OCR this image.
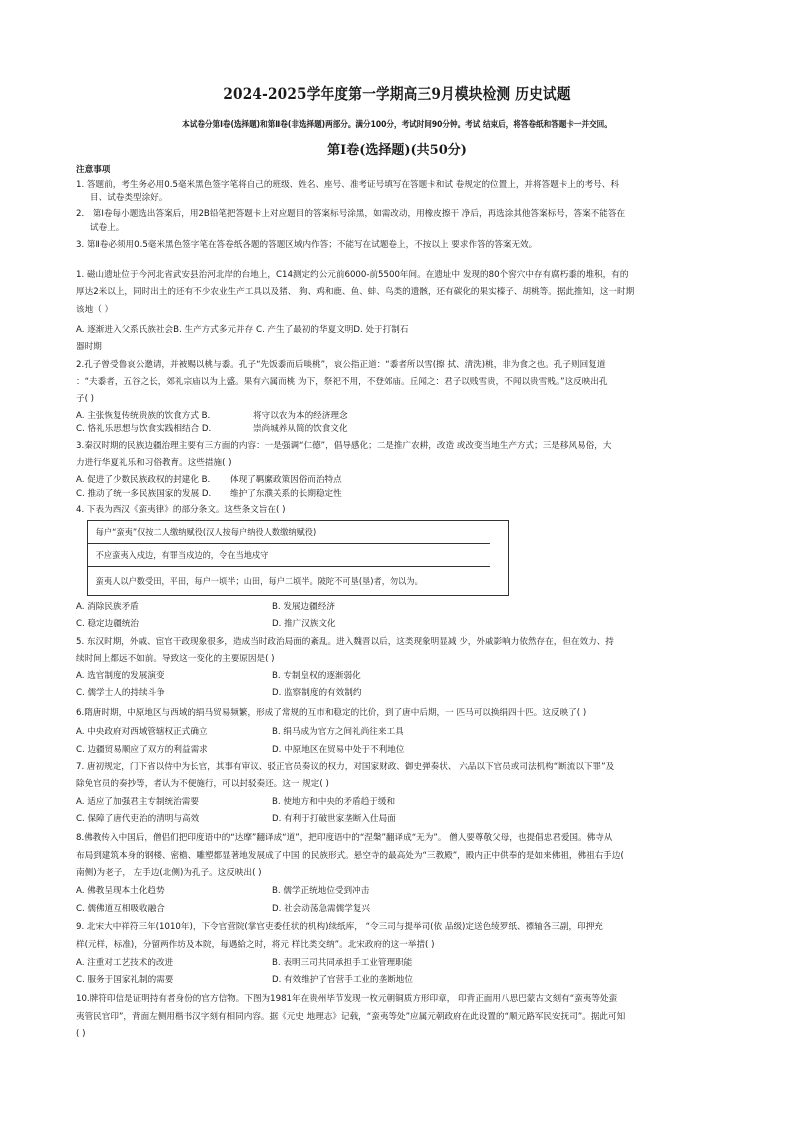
2024-2025学年度第一学期高三9月模块检测 历史试题
本试卷分第Ⅰ卷(选择题)和第Ⅱ卷(非选择题)两部分。满分100分，考试时间90分钟。考试 结束后，将答卷纸和答题卡一并交回。
第Ⅰ卷(选择题)(共50分)
注意事项
1. 答题前，考生务必用0.5毫米黑色签字笔将自己的班级、姓名、座号、准考证号填写在答题卡和试 卷规定的位置上，并将答题卡上的考号、科
目、试卷类型涂好。
2． 第Ⅰ卷每小题选出答案后，用2B铅笔把答题卡上对应题目的答案标号涂黑，如需改动，用橡皮擦干 净后，再选涂其他答案标号，答案不能答在
试卷上。
3. 第Ⅱ卷必须用0.5毫米黑色签字笔在答卷纸各题的答题区域内作答；不能写在试题卷上，不按以上 要求作答的答案无效。
1. 磁山遗址位于今河北省武安县治河北岸的台地上，C14测定约公元前6000-前5500年间。在遗址中 发现的80个窖穴中存有腐朽黍的堆积，有的
厚达2米以上，同时出土的还有不少农业生产工具以及猪、 狗、鸡和鹿、鱼、蚌、鸟类的遗骸，还有碳化的果实榛子、胡桃等。据此推知，这一时期
该地（ ）
A. 逐渐进入父系氏族社会B. 生产方式多元并存 C. 产生了最初的华夏文明D. 处于打制石
器时期
2.孔子曾受鲁哀公邀请，并被赐以桃与黍。孔子“先饭黍而后啖桃”，哀公指正道：“黍者所以雪(擦 拭、清洗)桃，非为食之也。孔子则回复道
：“夫黍者，五谷之长，郊礼宗庙以为上盛。果有六属而桃 为下，祭祀不用，不登郊庙。丘闻之：君子以贱雪贵，不闻以贵雪贱。”这反映出孔
子( )
A. 主张恢复传统贵族的饮食方式 B.	将守以农为本的经济理念
C. 恪礼乐思想与饮食实践相结合 D.	崇尚城养从简的饮食文化
3.秦汉时期的民族边疆治理主要有三方面的内容：一是强调“仁德”，倡导感化；二是推广农耕，改造 或改变当地生产方式；三是移风易俗，大
力进行华夏礼乐和习俗教育。这些措施( )
A. 促进了少数民族政权的封建化 B. 体现了羁縻政策因俗而治特点
C. 推动了统一多民族国家的发展 D. 维护了东濮关系的长期稳定性
4. 下表为西汉《蛮夷律》的部分条文。这些条文旨在( )
每户“蛮夷”仅按二人缴纳赋役(汉人按每户纳役人数缴纳赋役)
不应蛮夷入戍边，有罪当戍边的，令在当地戍守
蛮夷人以户数受田，平田，每户一顷半；山田，每户二顷半。陂陀不可垦(垦)者，勿以为。
A. 消除民族矛盾	B. 发展边疆经济
C. 稳定边疆统治	D. 推广汉族文化
5. 东汉时期，外戚、宦官干政现象很多，造成当时政治局面的紊乱。进入魏晋以后，这类现象明显减 少，外戚影响力依然存在，但在效力、持
续时间上都远不如前。导致这一变化的主要原因是( )
A. 选官制度的发展演变	B. 专制皇权的逐渐弱化
C. 儒学士人的持续斗争	D. 监察制度的有效制约
6.隋唐时期，中原地区与西域的绢马贸易频繁，形成了常规的互市和稳定的比价，到了唐中后期，一 匹马可以换绢四十匹。这反映了( )
A. 中央政府对西域管辖权正式确立	B. 绢马成为官方之间礼尚往来工具
C. 边疆贸易顺应了双方的利益需求	D. 中原地区在贸易中处于不利地位
7. 唐初规定，门下省以侍中为长官，其事有审议、驳正官员奏议的权力，对国家财政、御史弹奏状、 六品以下官员或司法机构“断流以下罪”及
除免官员的奏抄等，者认为不便施行，可以封驳奏还。这一 规定( )
A. 适应了加强君主专制统治需要	B. 使地方和中央的矛盾趋于缓和
C. 保障了唐代吏治的清明与高效	D. 有利于打破世家垄断入仕局面
8.佛教传入中国后，僧侣们把印度语中的“达摩”翻译成“道”，把印度语中的“涅槃”翻译成“无为”。 僧人要尊敬父母，也提倡忠君爱国。佛寺从
布局到建筑本身的钢楼、密檐、雕塑都显著地发展成了中国 的民族形式。悬空寺的最高处为“三教殿”，殿内正中供奉的是如来佛祖，佛祖右手边(
南侧)为老子， 左手边(北侧)为孔子。这反映出( )
A. 佛教呈现本土化趋势	B. 儒学正统地位受到冲击
C. 儒佛道互相吸收融合	D. 社会动荡急需儒学复兴
9. 北宋大中祥符三年(1010年)，下令官营院(掌官吏委任状的机构)续纸库， “令三司与提举司(依 品级)定送色绫罗纸、褾轴各三副，印押充
样(元样，标准)，分留两作坊及本院，每遇給之时，将元 样比类交纳”。北宋政府的这一举措( )
A. 注重对工艺技术的改进	B. 表明三司共同承担手工业管理职能
C. 服务于国家礼制的需要	D. 有效维护了官营手工业的垄断地位
10.牌符印信是证明持有者身份的官方信物。下图为1981年在贵州毕节发现一枚元朝铜质方形印章， 印背正面用八思巴蒙古文刻有“蛮夷等处蛮
夷管民官印”，背面左侧用楷书汉字刻有相同内容。据《元史 地理志》记载，“蛮夷等处”应属元朝政府在此设置的“顺元路军民安抚司”。据此可知
( )
